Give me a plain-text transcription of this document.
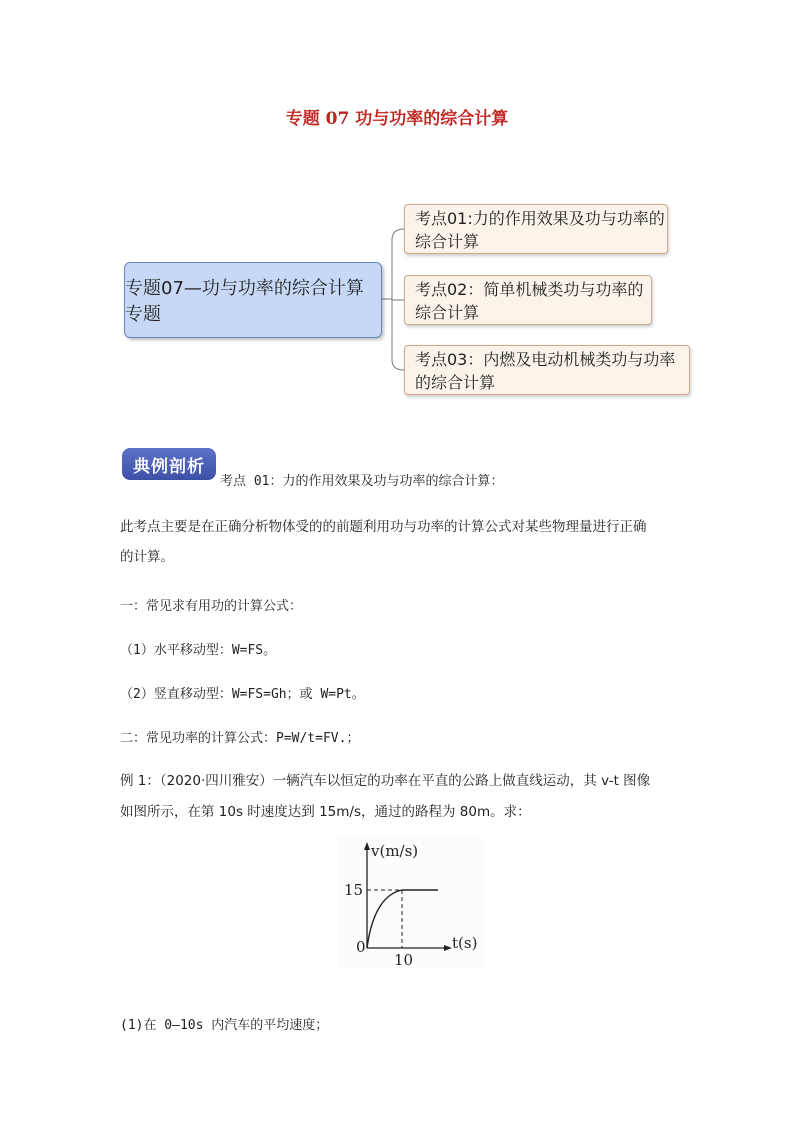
专题 07 功与功率的综合计算
专题07—功与功率的综合计算专题
考点01:力的作用效果及功与功率的综合计算
考点02：简单机械类功与功率的综合计算
考点03：内燃及电动机械类功与功率的综合计算
典例剖析
考点 01：力的作用效果及功与功率的综合计算：
此考点主要是在正确分析物体受的的前题利用功与功率的计算公式对某些物理量进行正确
的计算。
一：常见求有用功的计算公式：
（1）水平移动型：W=FS。
（2）竖直移动型：W=FS=Gh；或 W=Pt。
二：常见功率的计算公式：P=W/t=FV.；
例 1：（2020·四川雅安）一辆汽车以恒定的功率在平直的公路上做直线运动，其 v-t 图像
如图所示，在第 10s 时速度达到 15m/s，通过的路程为 80m。求：
v(m/s)
t(s)
15
10
0
(1)在 0—10s 内汽车的平均速度；
